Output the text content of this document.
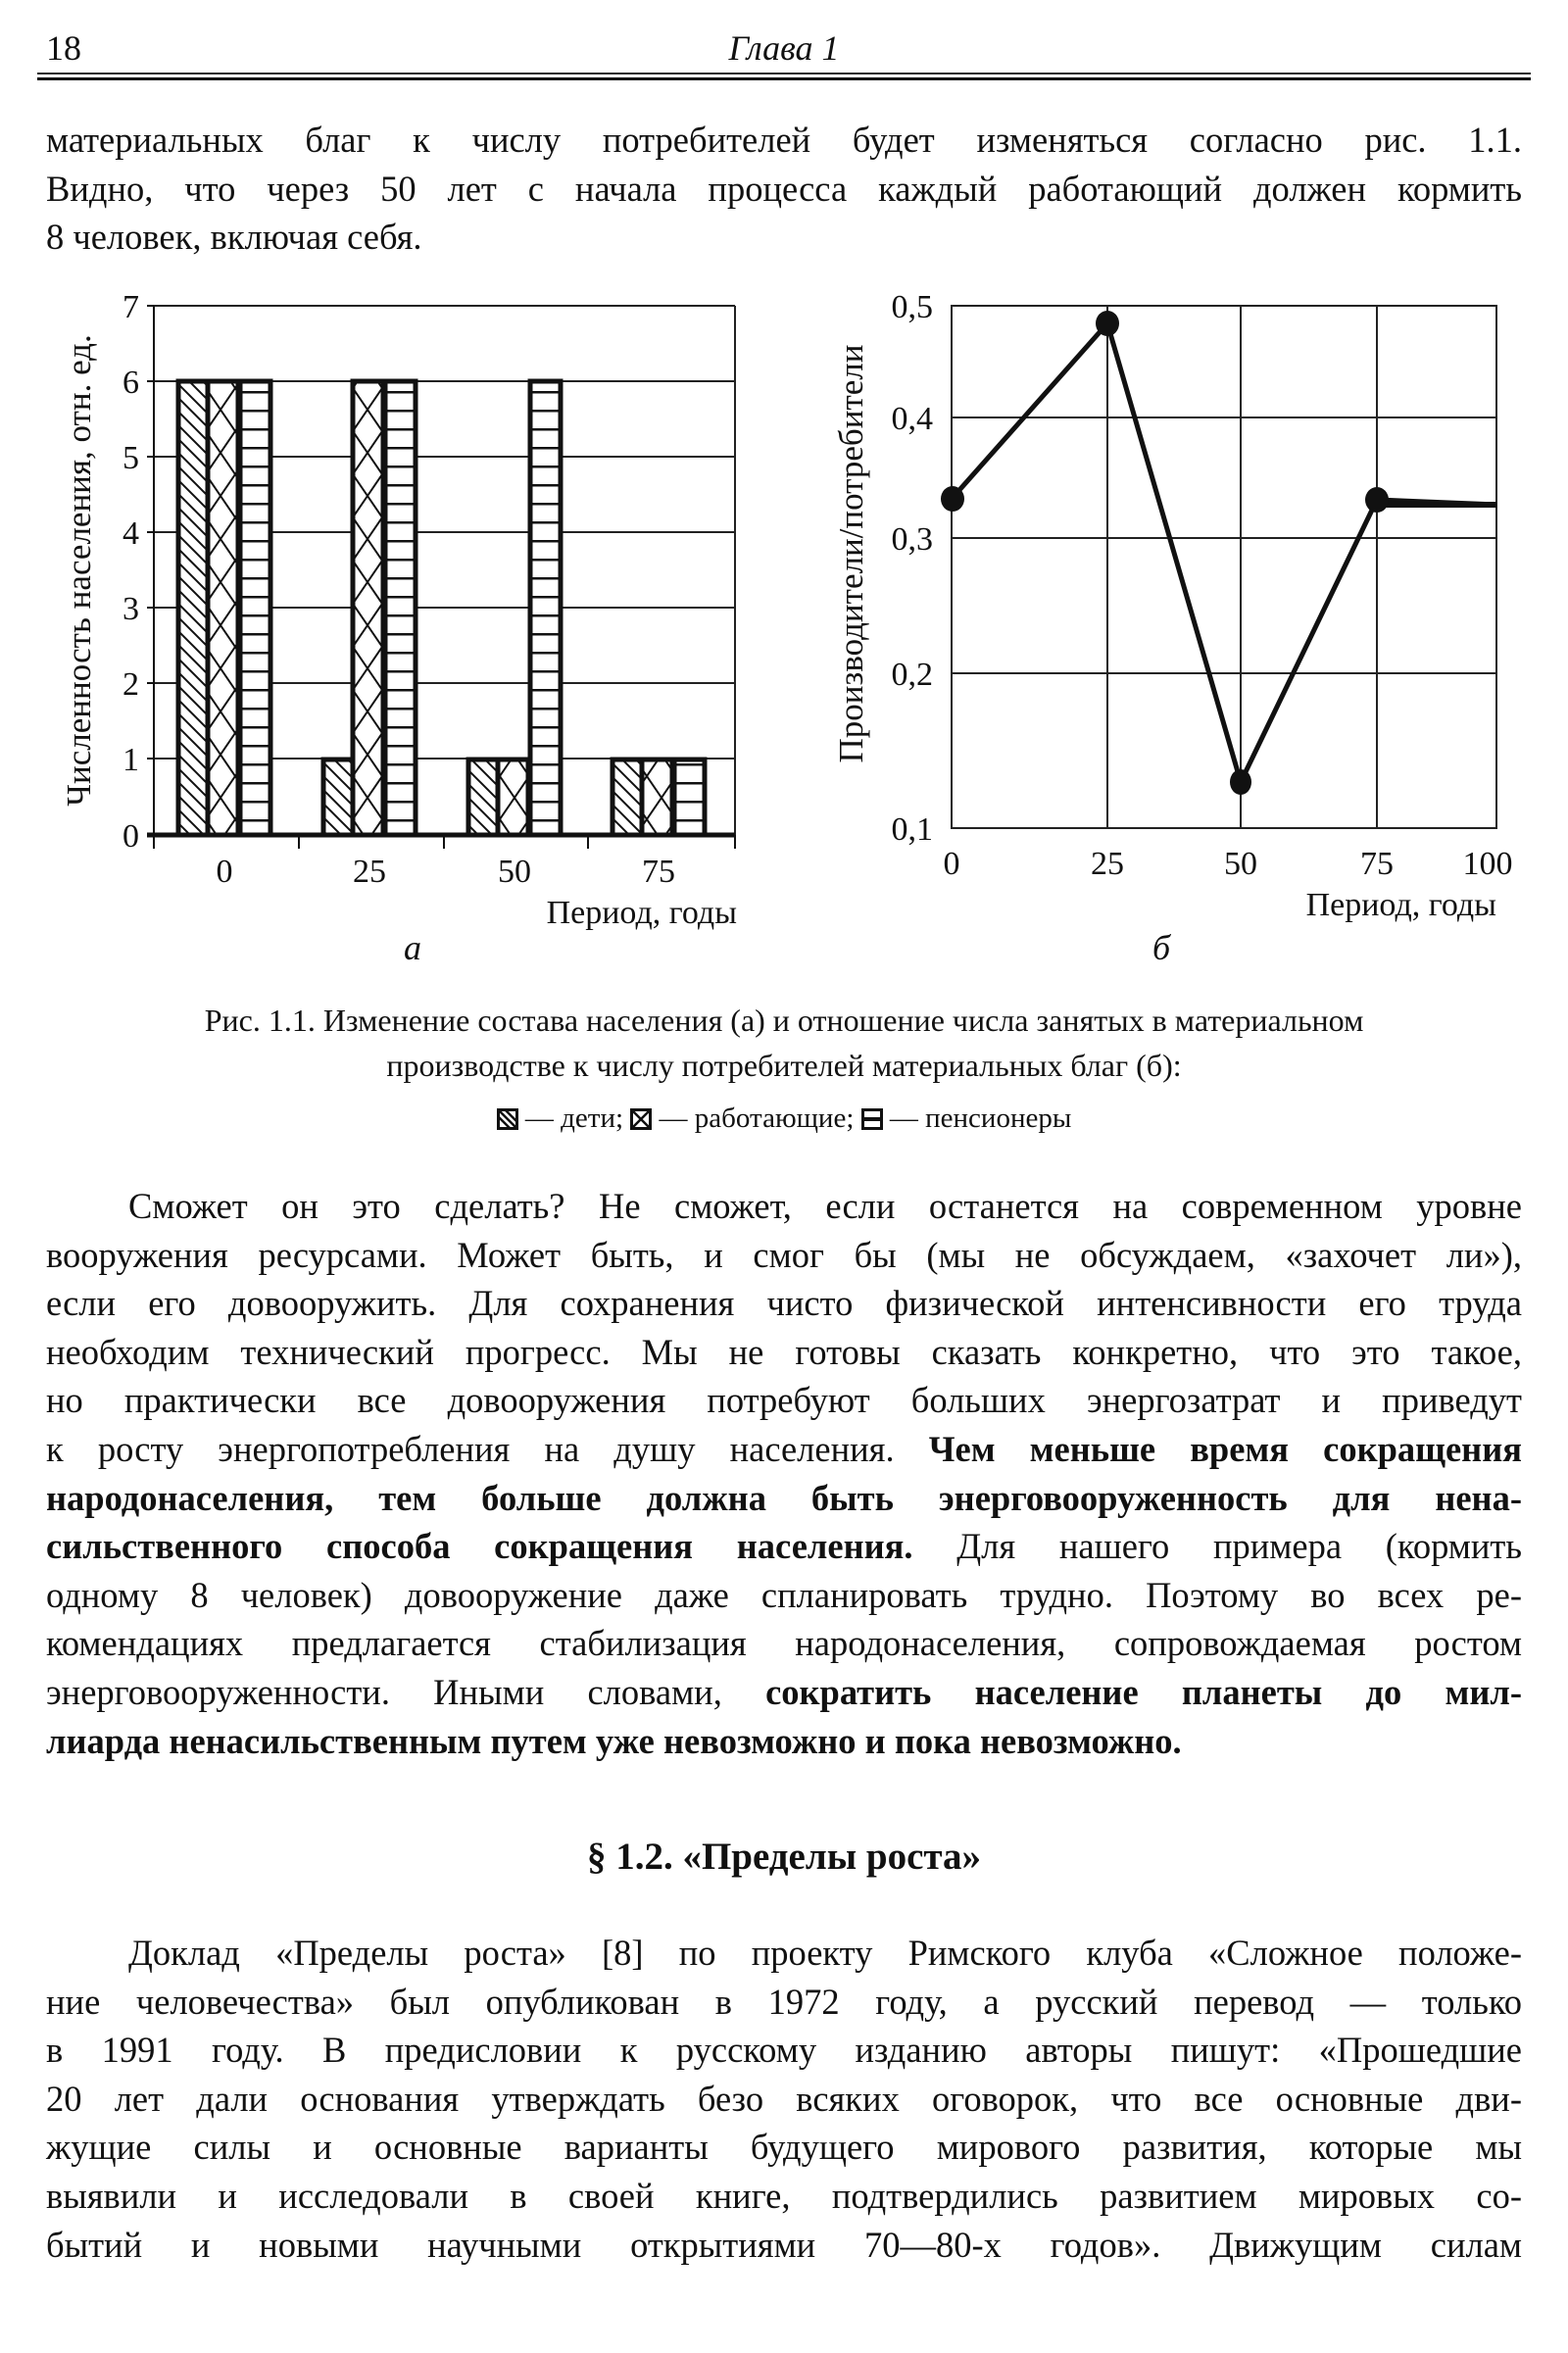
18	Глава 1
материальных благ к числу потребителей будет изменяться согласно рис. 1.1.
Видно, что через 50 лет с начала процесса каждый работающий должен кормить
8 человек, включая себя.
7
6
5
4
3
2
1
0
0	25	50	75
Период, годы
Численность населения, отн. ед.
0,5
0,4
0,3
0,2
0,1
0	25	50	75 100
Период, годы
Производители/потребители
а	б
Рис. 1.1. Изменение состава населения (а) и отношение числа занятых в материальном
производстве к числу потребителей материальных благ (б):
— дети; — работающие; — пенсионеры
Сможет он это сделать? Не сможет, если останется на современном уровне
вооружения ресурсами. Может быть, и смог бы (мы не обсуждаем, «захочет ли»),
если его довооружить. Для сохранения чисто физической интенсивности его труда
необходим технический прогресс. Мы не готовы сказать конкретно, что это такое,
но практически все довооружения потребуют больших энергозатрат и приведут
к росту энергопотребления на душу населения. Чем меньше время сокращения
народонаселения, тем больше должна быть энерговооруженность для нена-
сильственного способа сокращения населения. Для нашего примера (кормить
одному 8 человек) довооружение даже спланировать трудно. Поэтому во всех ре-
комендациях предлагается стабилизация народонаселения, сопровождаемая ростом
энерговооруженности. Иными словами, сократить население планеты до мил-
лиарда ненасильственным путем уже невозможно и пока невозможно.
§ 1.2. «Пределы роста»
Доклад «Пределы роста» [8] по проекту Римского клуба «Сложное положе-
ние человечества» был опубликован в 1972 году, а русский перевод — только
в 1991 году. В предисловии к русскому изданию авторы пишут: «Прошедшие
20 лет дали основания утверждать безо всяких оговорок, что все основные дви-
жущие силы и основные варианты будущего мирового развития, которые мы
выявили и исследовали в своей книге, подтвердились развитием мировых со-
бытий и новыми научными открытиями 70—80-х годов». Движущим силам
